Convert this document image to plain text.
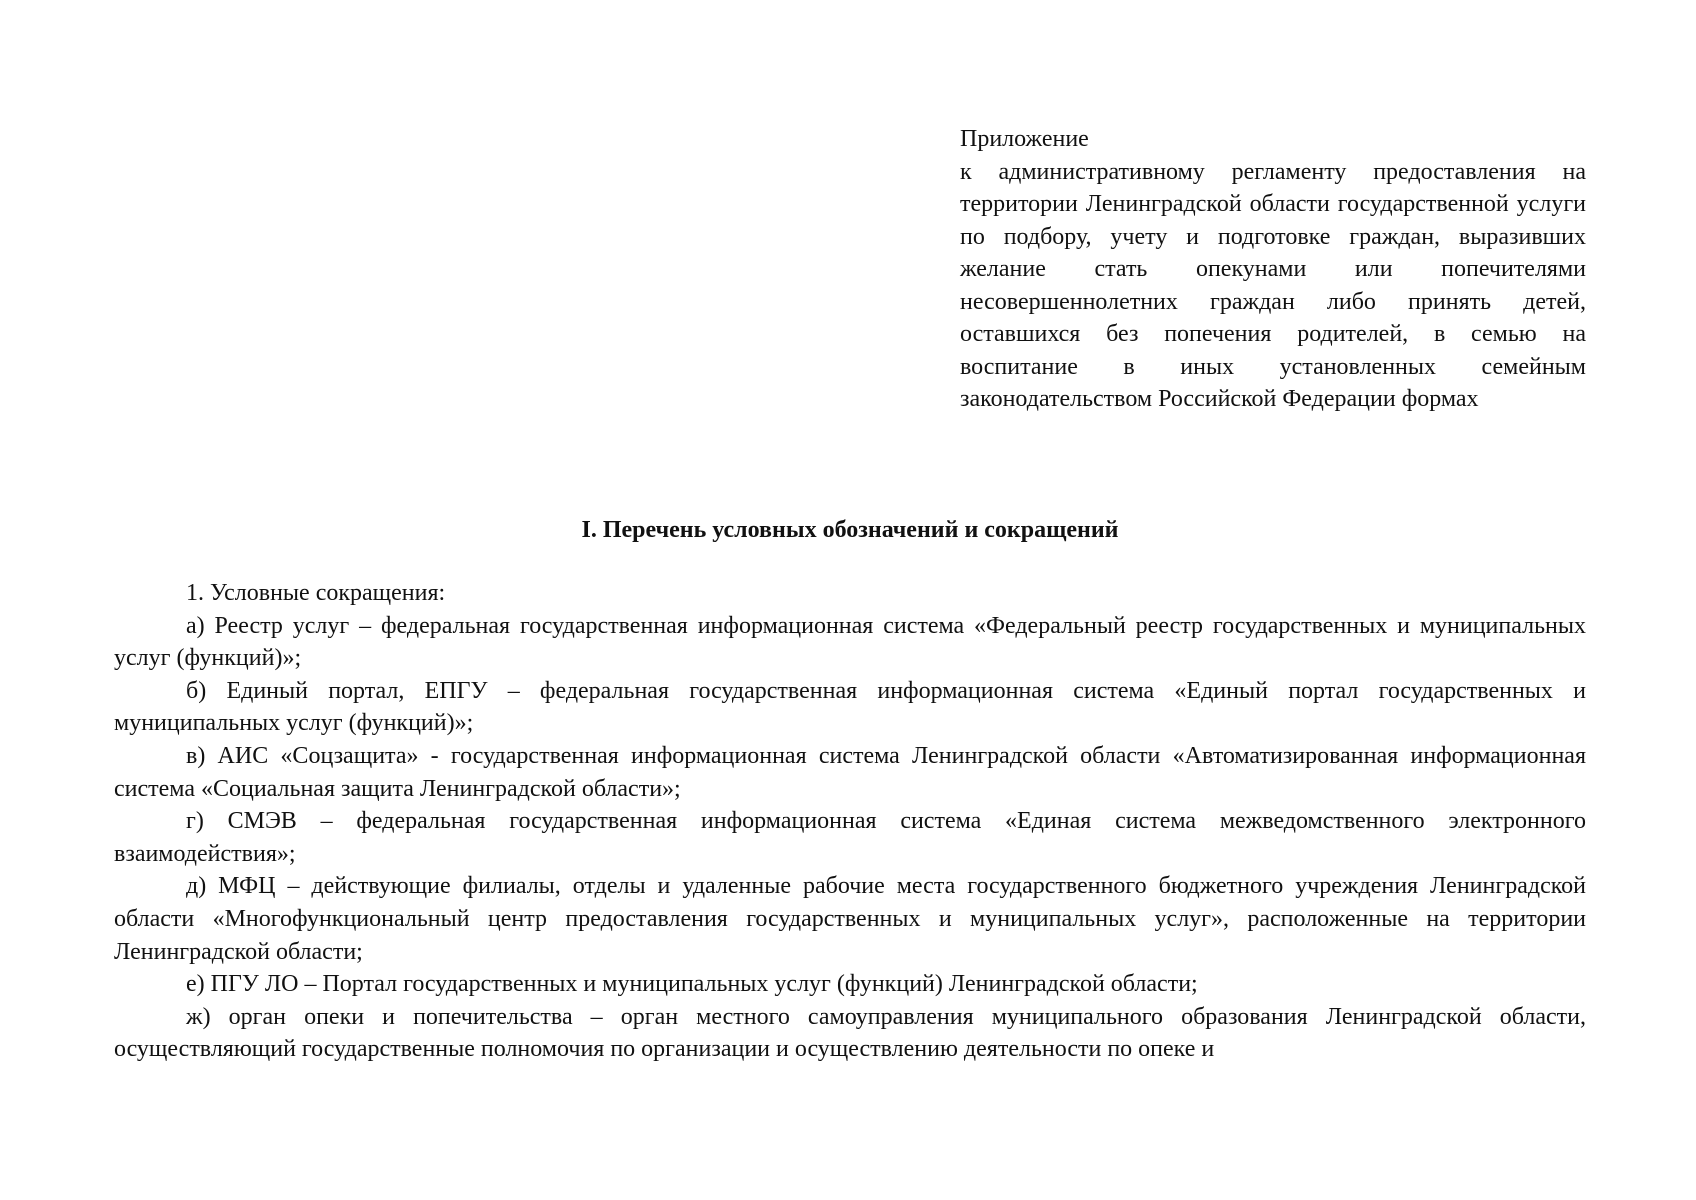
Приложение
к административному регламенту предоставления на территории Ленинградской области государственной услуги по подбору, учету и подготовке граждан, выразивших желание стать опекунами или попечителями несовершеннолетних граждан либо принять детей, оставшихся без попечения родителей, в семью на воспитание в иных установленных семейным законодательством Российской Федерации формах
I. Перечень условных обозначений и сокращений

1. Условные сокращения:

а) Реестр услуг – федеральная государственная информационная система «Федеральный реестр государственных и муниципальных услуг (функций)»;

б) Единый портал, ЕПГУ – федеральная государственная информационная система «Единый портал государственных и муниципальных услуг (функций)»;

в) АИС «Соцзащита» - государственная информационная система Ленинградской области «Автоматизированная информационная система «Социальная защита Ленинградской области»;

г) СМЭВ – федеральная государственная информационная система «Единая система межведомственного электронного взаимодействия»;

д) МФЦ – действующие филиалы, отделы и удаленные рабочие места государственного бюджетного учреждения Ленинградской области «Многофункциональный центр предоставления государственных и муниципальных услуг», расположенные на территории Ленинградской области;

е) ПГУ ЛО – Портал государственных и муниципальных услуг (функций) Ленинградской области;

ж) орган опеки и попечительства – орган местного самоуправления муниципального образования Ленинградской области, осуществляющий государственные полномочия по организации и осуществлению деятельности по опеке и
